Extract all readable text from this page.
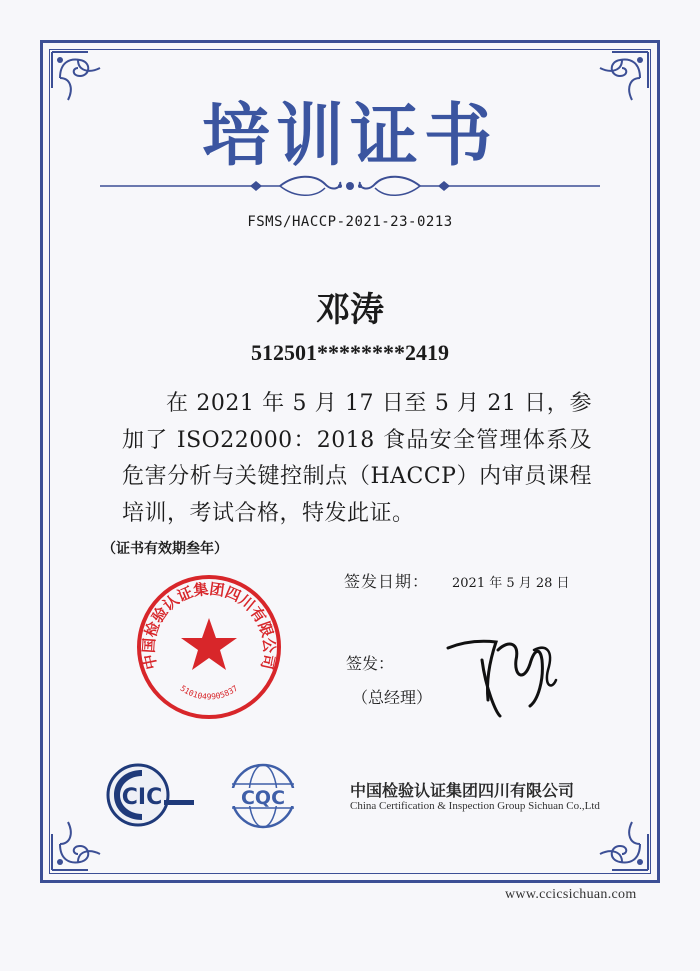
培训证书
FSMS/HACCP-2021-23-0213
邓涛
512501********2419
在 2021 年 5 月 17 日至 5 月 21 日，参加了 ISO22000：2018 食品安全管理体系及危害分析与关键控制点（HACCP）内审员课程培训，考试合格，特发此证。
（证书有效期叁年）
签发日期： 2021 年 5 月 28 日
中国检验认证集团四川有限公司
5101049905837
签发：
（总经理）
CIC	CQC	中国检验认证集团四川有限公司
China Certification & Inspection Group Sichuan Co.,Ltd
www.ccicsichuan.com
